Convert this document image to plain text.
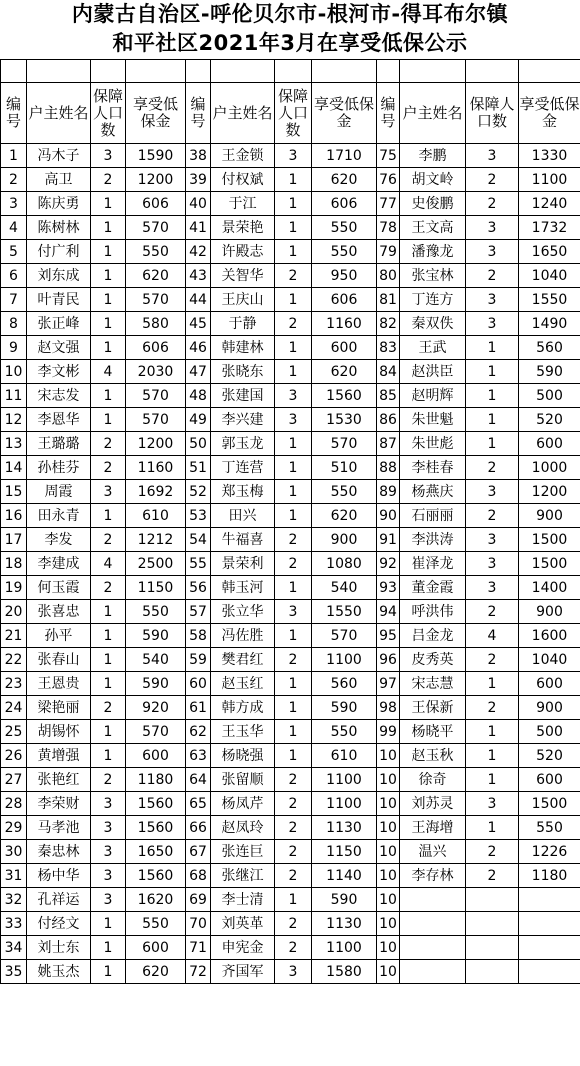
内蒙古自治区-呼伦贝尔市-根河市-得耳布尔镇
和平社区2021年3月在享受低保公示

编号	户主姓名	保障人口数	享受低保金	编号	户主姓名	保障人口数	享受低保金	编号	户主姓名	保障人口数	享受低保金
1	冯木子	3	1590	38	王金锁	3	1710	75	李鹏	3	1330
2	高卫	2	1200	39	付权斌	1	620	76	胡文岭	2	1100
3	陈庆勇	1	606	40	于江	1	606	77	史俊鹏	2	1240
4	陈树林	1	570	41	景荣艳	1	550	78	王文高	3	1732
5	付广利	1	550	42	许殿志	1	550	79	潘豫龙	3	1650
6	刘东成	1	620	43	关智华	2	950	80	张宝林	2	1040
7	叶青民	1	570	44	王庆山	1	606	81	丁连方	3	1550
8	张正峰	1	580	45	于静	2	1160	82	秦双佚	3	1490
9	赵文强	1	606	46	韩建林	1	600	83	王武	1	560
10	李文彬	4	2030	47	张晓东	1	620	84	赵洪臣	1	590
11	宋志发	1	570	48	张建国	3	1560	85	赵明辉	1	500
12	李恩华	1	570	49	李兴建	3	1530	86	朱世魁	1	520
13	王璐璐	2	1200	50	郭玉龙	1	570	87	朱世彪	1	600
14	孙桂芬	2	1160	51	丁连营	1	510	88	李桂春	2	1000
15	周霞	3	1692	52	郑玉梅	1	550	89	杨燕庆	3	1200
16	田永青	1	610	53	田兴	1	620	90	石丽丽	2	900
17	李发	2	1212	54	牛福喜	2	900	91	李洪涛	3	1500
18	李建成	4	2500	55	景荣利	2	1080	92	崔泽龙	3	1500
19	何玉霞	2	1150	56	韩玉河	1	540	93	董金霞	3	1400
20	张喜忠	1	550	57	张立华	3	1550	94	呼洪伟	2	900
21	孙平	1	590	58	冯佐胜	1	570	95	吕金龙	4	1600
22	张春山	1	540	59	樊君红	2	1100	96	皮秀英	2	1040
23	王恩贵	1	590	60	赵玉红	1	560	97	宋志慧	1	600
24	梁艳丽	2	920	61	韩方成	1	590	98	王保新	2	900
25	胡锡怀	1	570	62	王玉华	1	550	99	杨晓平	1	500
26	黄增强	1	600	63	杨晓强	1	610	10	赵玉秋	1	520
27	张艳红	2	1180	64	张留顺	2	1100	10	徐奇	1	600
28	李荣财	3	1560	65	杨凤芹	2	1100	10	刘苏灵	3	1500
29	马孝池	3	1560	66	赵凤玲	2	1130	10	王海增	1	550
30	秦忠林	3	1650	67	张连巨	2	1150	10	温兴	2	1226
31	杨中华	3	1560	68	张继江	2	1140	10	李存林	2	1180
32	孔祥运	3	1620	69	李士清	1	590	10			
33	付经文	1	550	70	刘英革	2	1130	10			
34	刘士东	1	600	71	申宪金	2	1100	10			
35	姚玉杰	1	620	72	齐国军	3	1580	10			
